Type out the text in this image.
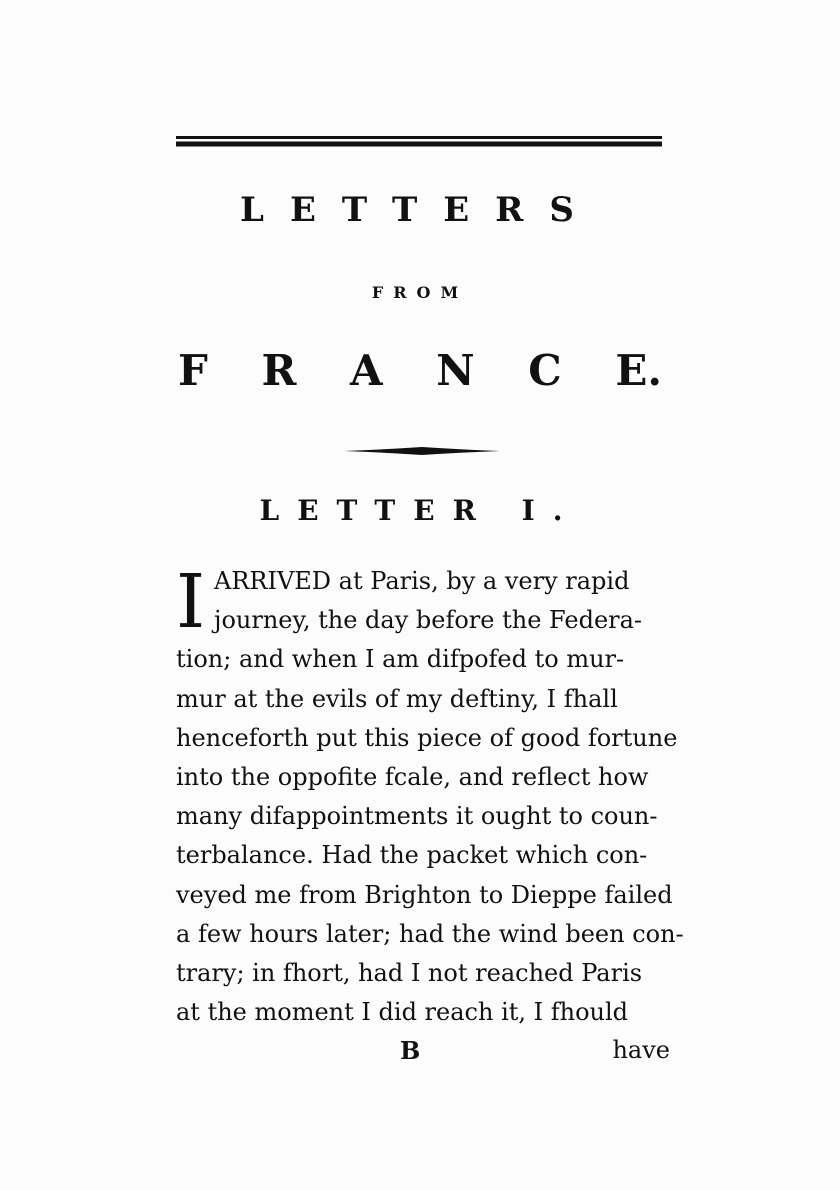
LETTERS
FROM
F R A N C E.
LETTER I.
I ARRIVED at Paris, by a very rapid
journey, the day before the Federa-
tion; and when I am difpofed to mur-
mur at the evils of my deftiny, I fhall
henceforth put this piece of good fortune
into the oppofite fcale, and reflect how
many difappointments it ought to coun-
terbalance. Had the packet which con-
veyed me from Brighton to Dieppe failed
a few hours later; had the wind been con-
trary; in fhort, had I not reached Paris
at the moment I did reach it, I fhould
B	have
